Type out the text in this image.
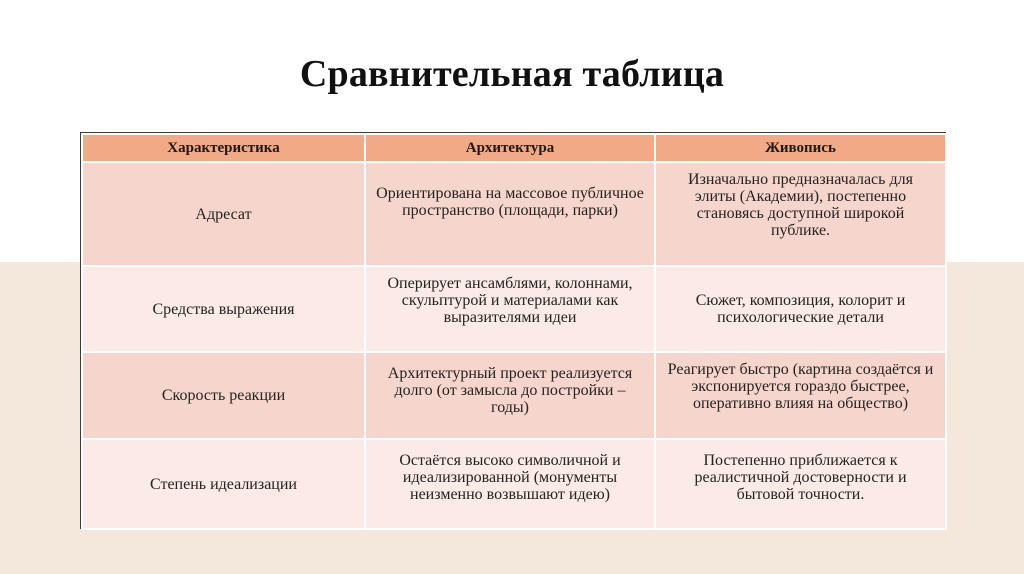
Сравнительная таблица
Характеристика	Архитектура	Живопись
Адресат	Ориентирована на массовое публичное пространство (площади, парки)	Изначально предназначалась для элиты (Академии), постепенно становясь доступной широкой публике.
Средства выражения	Оперирует ансамблями, колоннами, скульптурой и материалами как выразителями идеи	Сюжет, композиция, колорит и психологические детали
Скорость реакции	Архитектурный проект реализуется долго (от замысла до постройки – годы)	Реагирует быстро (картина создаётся и экспонируется гораздо быстрее, оперативно влияя на общество)
Степень идеализации	Остаётся высоко символичной и идеализированной (монументы неизменно возвышают идею)	Постепенно приближается к реалистичной достоверности и бытовой точности.
